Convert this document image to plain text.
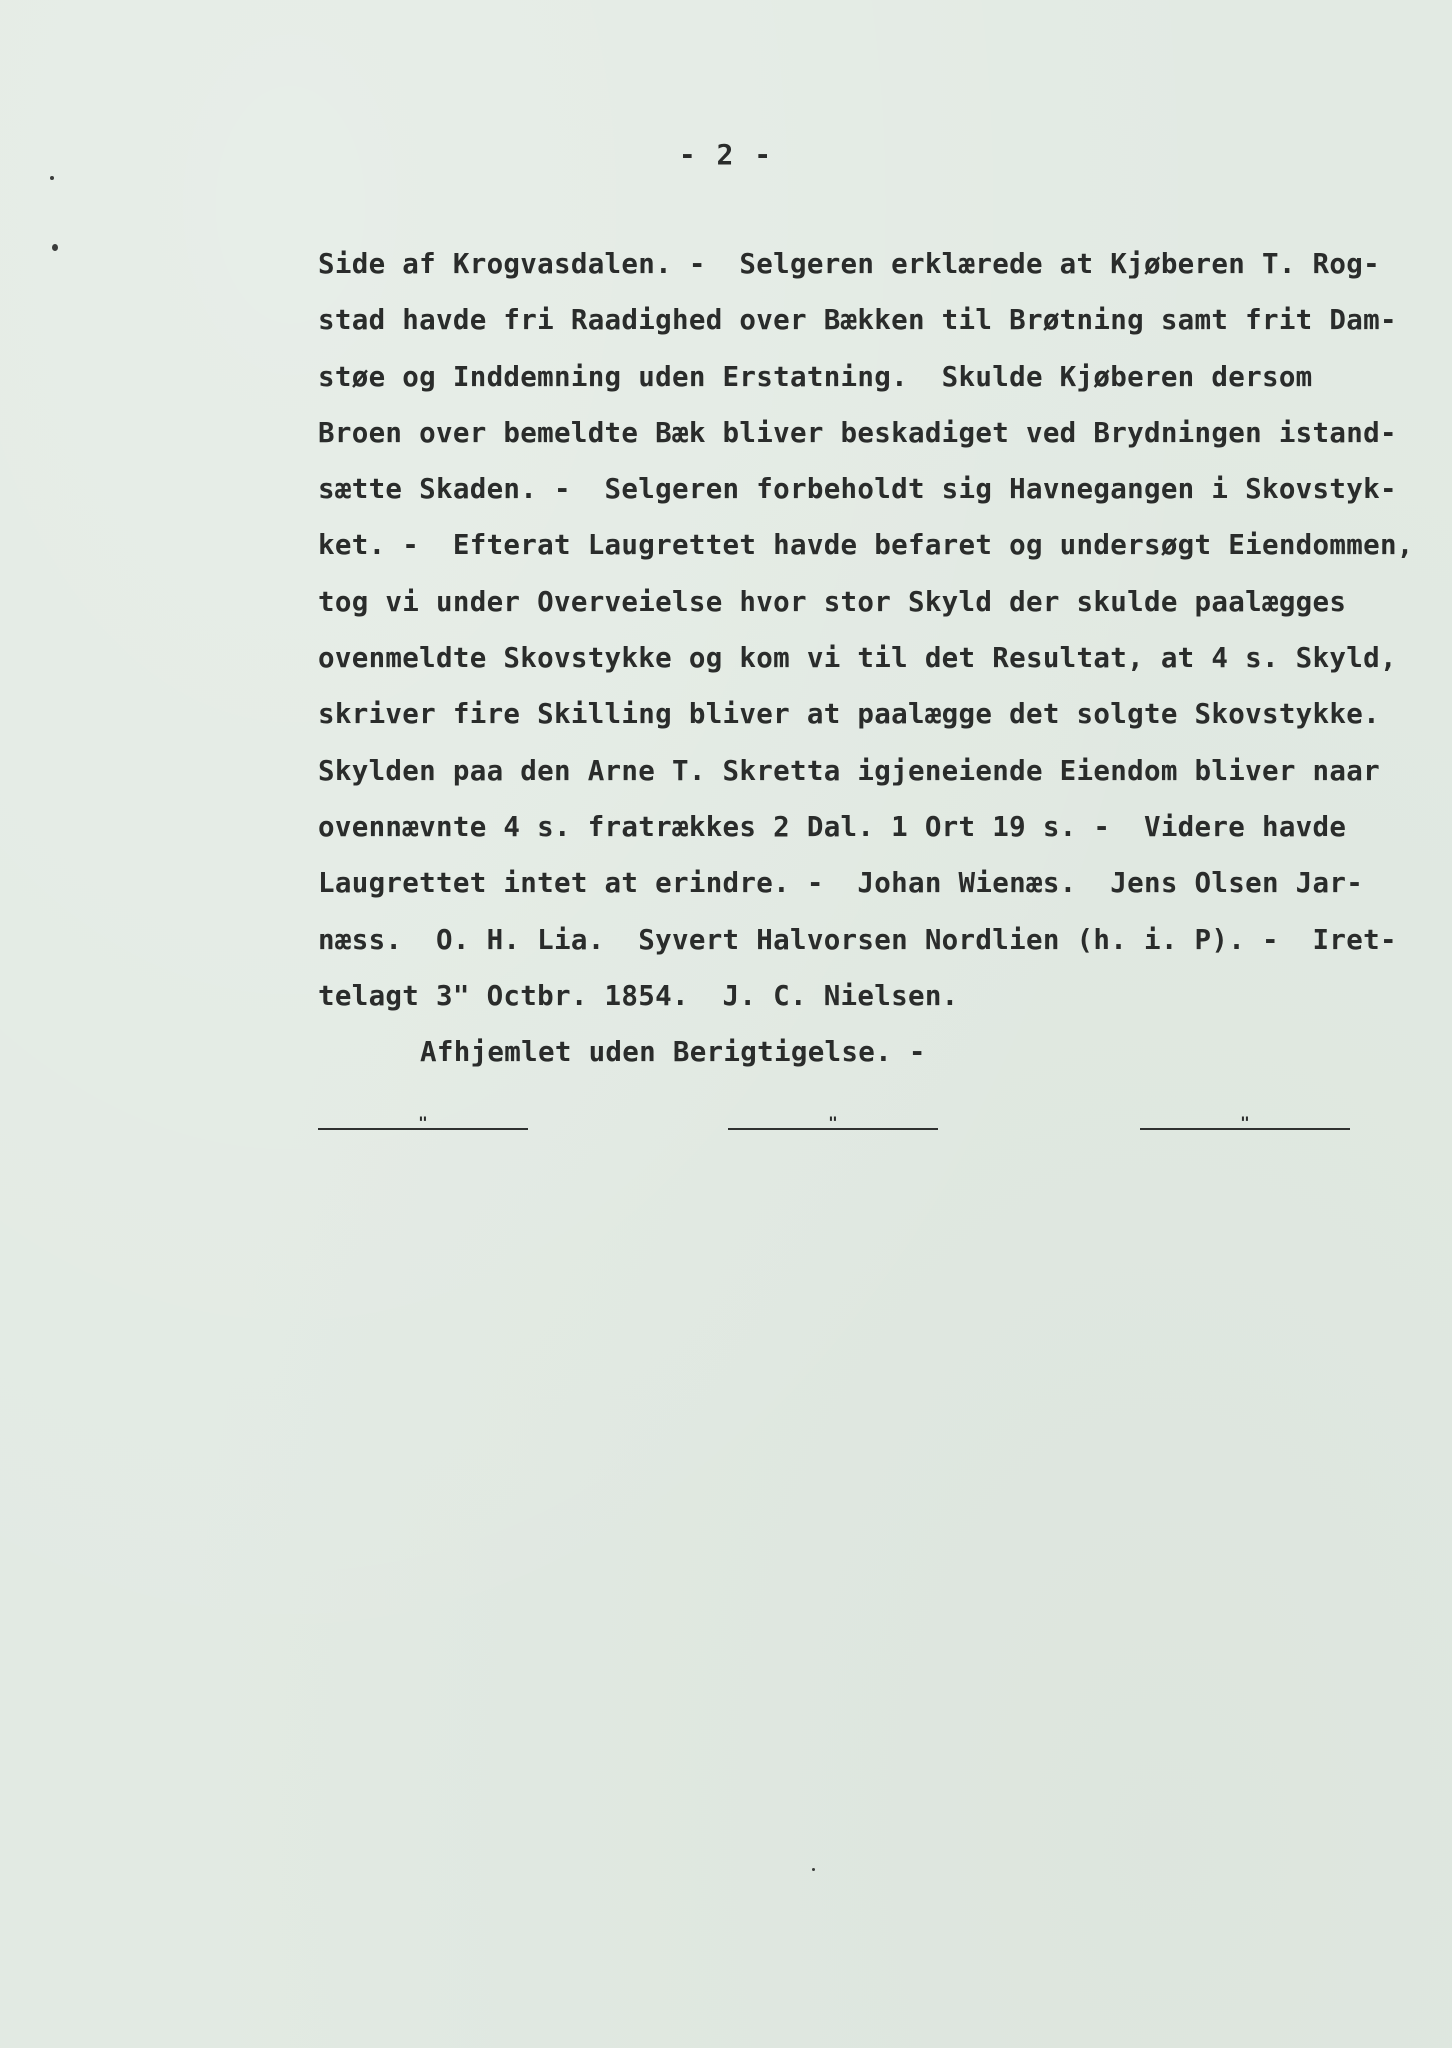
- 2 -
Side af Krogvasdalen. -  Selgeren erklærede at Kjøberen T. Rog-
stad havde fri Raadighed over Bækken til Brøtning samt frit Dam-
støe og Inddemning uden Erstatning.  Skulde Kjøberen dersom
Broen over bemeldte Bæk bliver beskadiget ved Brydningen istand-
sætte Skaden. -  Selgeren forbeholdt sig Havnegangen i Skovstyk-
ket. -  Efterat Laugrettet havde befaret og undersøgt Eiendommen,
tog vi under Overveielse hvor stor Skyld der skulde paalægges
ovenmeldte Skovstykke og kom vi til det Resultat, at 4 s. Skyld,
skriver fire Skilling bliver at paalægge det solgte Skovstykke.
Skylden paa den Arne T. Skretta igjeneiende Eiendom bliver naar
ovennævnte 4 s. fratrækkes 2 Dal. 1 Ort 19 s. -  Videre havde
Laugrettet intet at erindre. -  Johan Wienæs.  Jens Olsen Jar-
næss.  O. H. Lia.  Syvert Halvorsen Nordlien (h. i. P). -  Iret-
telagt 3" Octbr. 1854.  J. C. Nielsen.
Afhjemlet uden Berigtigelse. -
"	"	"
